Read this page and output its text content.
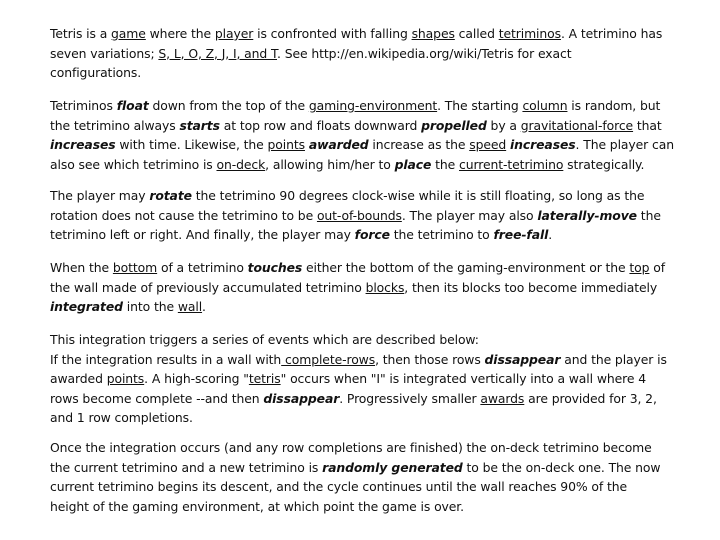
Tetris is a game where the player is confronted with falling shapes called tetriminos. A tetrimino has
seven variations; S, L, O, Z, J, I, and T. See http://en.wikipedia.org/wiki/Tetris for exact
configurations.

Tetriminos float down from the top of the gaming-environment. The starting column is random, but
the tetrimino always starts at top row and floats downward propelled by a gravitational-force that
increases with time. Likewise, the points awarded increase as the speed increases. The player can
also see which tetrimino is on-deck, allowing him/her to place the current-tetrimino strategically.

The player may rotate the tetrimino 90 degrees clock-wise while it is still floating, so long as the
rotation does not cause the tetrimino to be out-of-bounds. The player may also laterally-move the
tetrimino left or right. And finally, the player may force the tetrimino to free-fall.

When the bottom of a tetrimino touches either the bottom of the gaming-environment or the top of
the wall made of previously accumulated tetrimino blocks, then its blocks too become immediately
integrated into the wall.

This integration triggers a series of events which are described below:
If the integration results in a wall with complete-rows, then those rows dissappear and the player is
awarded points. A high-scoring "tetris" occurs when "I" is integrated vertically into a wall where 4
rows become complete --and then dissappear. Progressively smaller awards are provided for 3, 2,
and 1 row completions.

Once the integration occurs (and any row completions are finished) the on-deck tetrimino become
the current tetrimino and a new tetrimino is randomly generated to be the on-deck one. The now
current tetrimino begins its descent, and the cycle continues until the wall reaches 90% of the
height of the gaming environment, at which point the game is over.
